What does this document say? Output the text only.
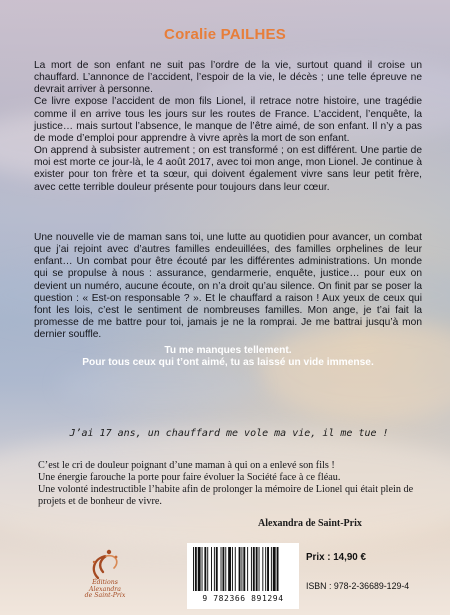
Coralie PAILHES

La mort de son enfant ne suit pas l’ordre de la vie, surtout quand il croise un chauffard. L’annonce de l’accident, l’espoir de la vie, le décès ; une telle épreuve ne devrait arriver à personne.

Ce livre expose l’accident de mon fils Lionel, il retrace notre histoire, une tragédie comme il en arrive tous les jours sur les routes de France. L’accident, l’enquête, la justice… mais surtout l’absence, le manque de l’être aimé, de son enfant. Il n’y a pas de mode d’emploi pour apprendre à vivre après la mort de son enfant.

On apprend à subsister autrement ; on est transformé ; on est différent. Une partie de moi est morte ce jour-là, le 4 août 2017, avec toi mon ange, mon Lionel. Je continue à exister pour ton frère et ta sœur, qui doivent également vivre sans leur petit frère, avec cette terrible douleur présente pour toujours dans leur cœur.

Une nouvelle vie de maman sans toi, une lutte au quotidien pour avancer, un combat que j’ai rejoint avec d’autres familles endeuillées, des familles orphelines de leur enfant… Un combat pour être écouté par les différentes administrations. Un monde qui se propulse à nous : assurance, gendarmerie, enquête, justice… pour eux on devient un numéro, aucune écoute, on n’a droit qu’au silence. On finit par se poser la question : « Est-on responsable ? ». Et le chauffard a raison ! Aux yeux de ceux qui font les lois, c’est le sentiment de nombreuses familles. Mon ange, je t’ai fait la promesse de me battre pour toi, jamais je ne la romprai. Je me battrai jusqu’à mon dernier souffle.

Tu me manques tellement.

Pour tous ceux qui t’ont aimé, tu as laissé un vide immense.

J’ai 17 ans, un chauffard me vole ma vie, il me tue !

C’est le cri de douleur poignant d’une maman à qui on a enlevé son fils !

Une énergie farouche la porte pour faire évoluer la Société face à ce fléau.

Une volonté indestructible l’habite afin de prolonger la mémoire de Lionel qui était plein de projets et de bonheur de vivre.

Alexandra de Saint-Prix
Éditions Alexandra
de Saint-Prix	9 782366 891294
Prix : 14,90 €
ISBN : 978-2-36689-129-4
